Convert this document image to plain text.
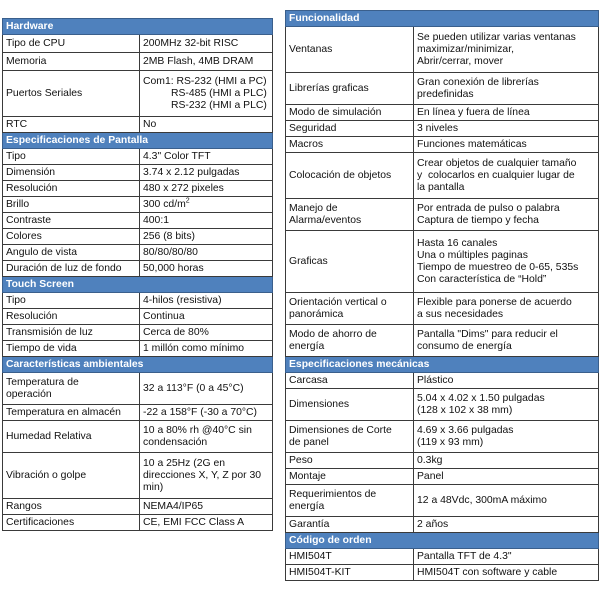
Hardware	
Tipo de CPU	200MHz 32-bit RISC
Memoria	2MB Flash, 4MB DRAM
Puertos Seriales	Com1: RS-232 (HMI a PC)
RS-485 (HMI a PLC)
RS-232 (HMI a PLC)

RTC	No
Especificaciones de Pantalla	
Tipo	4.3" Color TFT
Dimensión	3.74 x 2.12 pulgadas
Resolución	480 x 272 pixeles
Brillo	300 $cd/m^2$
Contraste	400:1
Colores	256 (8 bits)
Angulo de vista	80/80/80/80
Duración de luz de fondo	50,000 horas
Touch Screen	
Tipo	4-hilos (resistiva)
Resolución	Continua
Transmisión de luz	Cerca de 80%
Tiempo de vida	1 millón como mínimo
Características ambientales	

Temperatura de
operación	32 a 113°F (0 a 45°C)
Temperatura en almacén	-22 a 158°F (-30 a 70°C)
Humedad Relativa	10 a 80% rh @40°C sin
condensación

Vibración o golpe	10 a 25Hz (2G en
direcciones X, Y, Z por 30
min)

Rangos	NEMA4/IP65
Certificaciones	CE, EMI FCC Class A
Funcionalidad	
Ventanas	Se pueden utilizar varias ventanas
maximizar/minimizar,
Abrir/cerrar, mover

Librerías graficas	Gran conexión de librerías
predefinidas

Modo de simulación	En línea y fuera de línea
Seguridad	3 niveles
Macros	Funciones matemáticas
Colocación de objetos	Crear objetos de cualquier tamaño
y  colocarlos en cualquier lugar de
la pantalla

Manejo de
Alarma/eventos	Por entrada de pulso o palabra
Captura de tiempo y fecha

Graficas	Hasta 16 canales
Una o múltiples paginas
Tiempo de muestreo de 0-65, 535s
Con característica de “Hold”

Orientación vertical o
panorámica	Flexible para ponerse de acuerdo
a sus necesidades

Modo de ahorro de
energía	Pantalla "Dims" para reducir el
consumo de energía

Especificaciones mecánicas	
Carcasa	Plástico
Dimensiones	5.04 x 4.02 x 1.50 pulgadas
(128 x 102 x 38 mm)

Dimensiones de Corte
de panel	4.69 x 3.66 pulgadas
(119 x 93 mm)

Peso	0.3kg
Montaje	Panel

Requerimientos de
energía	12 a 48Vdc, 300mA máximo
Garantía	2 años
Código de orden	
HMI504T	Pantalla TFT de 4.3"
HMI504T-KIT	HMI504T con software y cable
